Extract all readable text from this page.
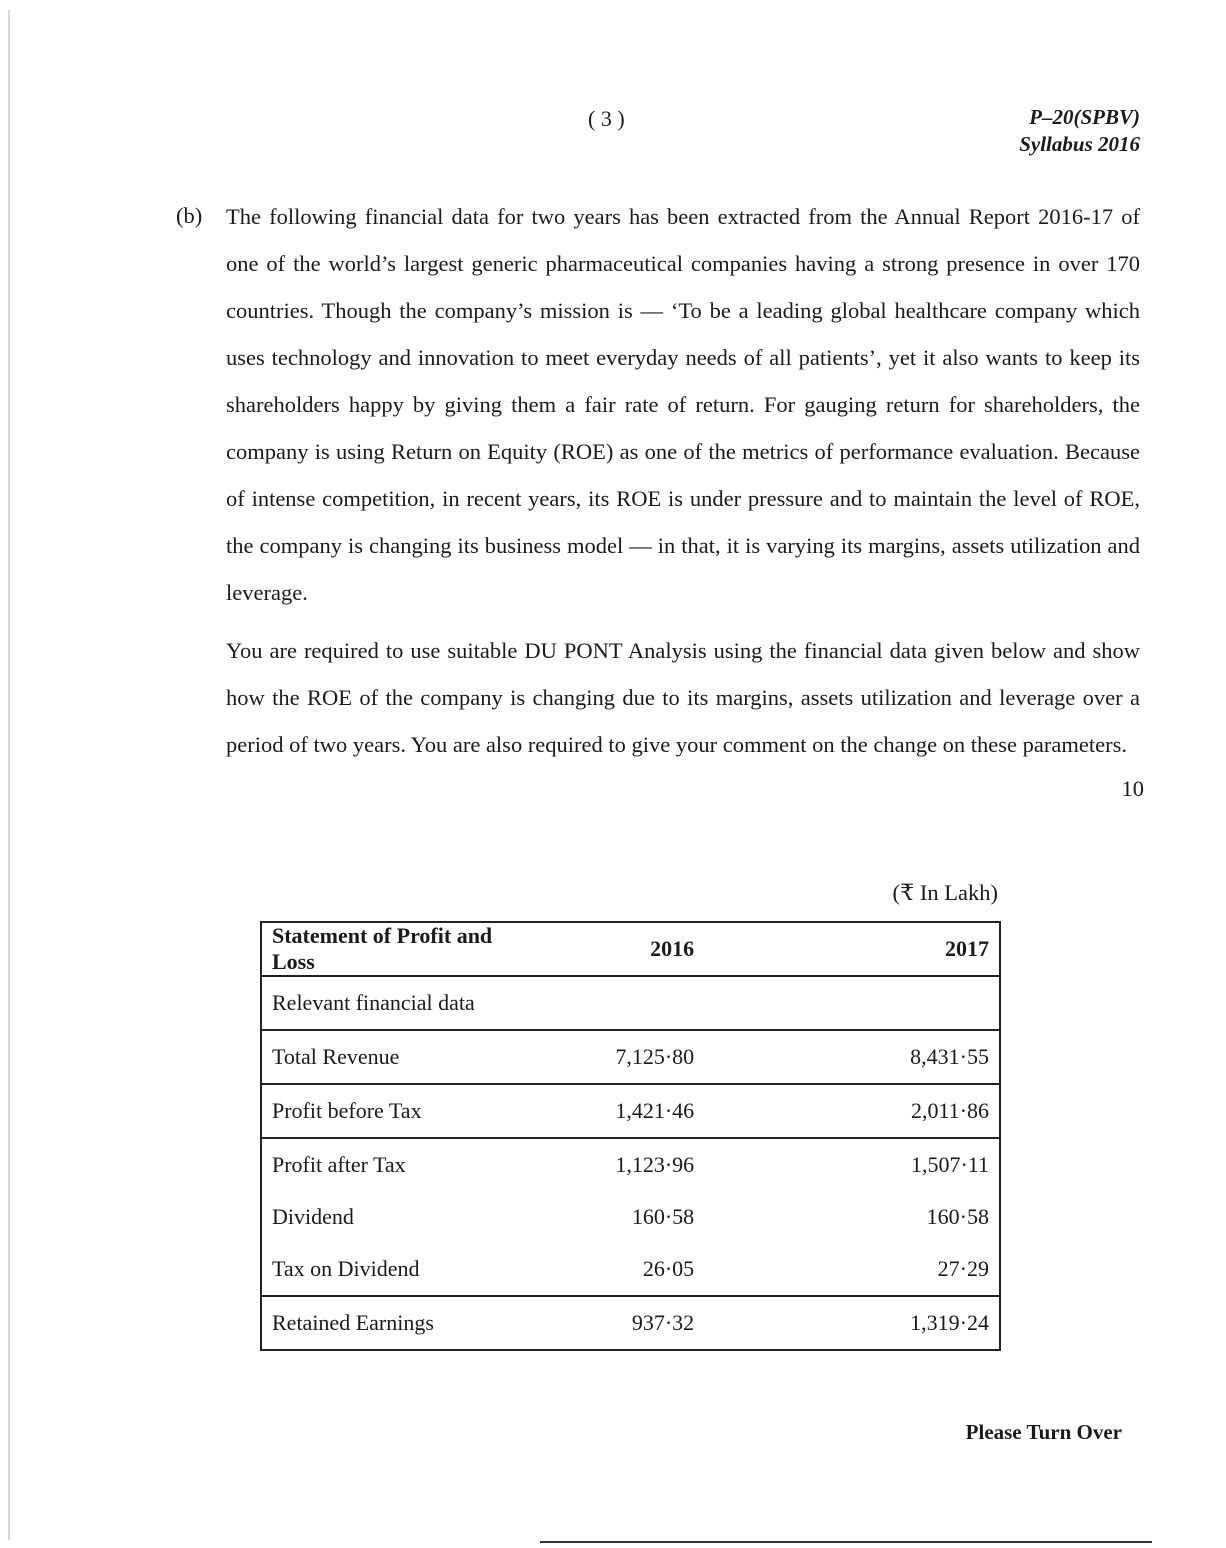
( 3 )	P–20(SPBV)
Syllabus 2016
(b) The following financial data for two years has been extracted from the Annual Report 2016-17 of one of the world’s largest generic pharmaceutical companies having a strong presence in over 170 countries. Though the company’s mission is — ‘To be a leading global healthcare company which uses technology and innovation to meet everyday needs of all patients’, yet it also wants to keep its shareholders happy by giving them a fair rate of return. For gauging return for shareholders, the company is using Return on Equity (ROE) as one of the metrics of performance evaluation. Because of intense competition, in recent years, its ROE is under pressure and to maintain the level of ROE, the company is changing its business model — in that, it is varying its margins, assets utilization and leverage.

You are required to use suitable DU PONT Analysis using the financial data given below and show how the ROE of the company is changing due to its margins, assets utilization and leverage over a period of two years. You are also required to give your comment on the change on these parameters.

10
(₹ In Lakh)
Statement of Profit and Loss	2016	2017
Relevant financial data		
Total Revenue	7,125·80	8,431·55
Profit before Tax	1,421·46	2,011·86
Profit after Tax	1,123·96	1,507·11
Dividend	160·58	160·58
Tax on Dividend	26·05	27·29
Retained Earnings	937·32	1,319·24
Please Turn Over
